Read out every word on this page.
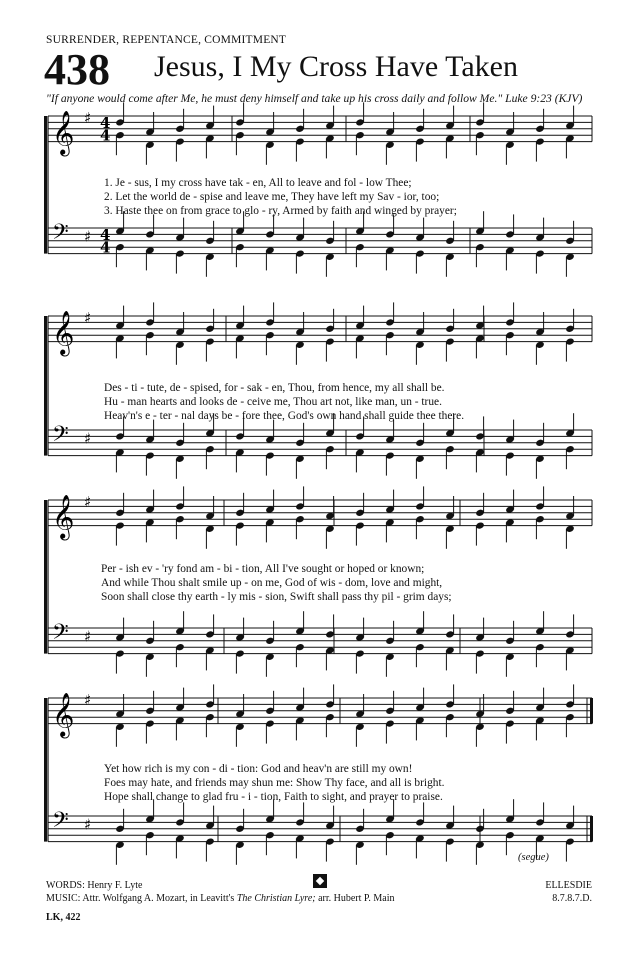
SURRENDER, REPENTANCE, COMMITMENT
438 Jesus, I My Cross Have Taken
"If anyone would come after Me, he must deny himself and take up his cross daily and follow Me." Luke 9:23 (KJV)
𝄞 ♯ 4
4
𝄢 ♯ 4
4
𝄞 ♯
𝄢 ♯
𝄞 ♯
𝄢 ♯
𝄞 ♯
𝄢 ♯
1. Je - sus, I my cross have tak - en, All to leave and fol - low Thee;
2. Let the world de - spise and leave me, They have left my Sav - ior, too;
3. Haste thee on from grace to glo - ry, Armed by faith and winged by prayer;
Des - ti - tute, de - spised, for - sak - en, Thou, from hence, my all shall be.
Hu - man hearts and looks de - ceive me, Thou art not, like man, un - true.
Heav'n's e - ter - nal days be - fore thee, God's own hand shall guide thee there.
Per - ish ev - 'ry fond am - bi - tion, All I've sought or hoped or known;
And while Thou shalt smile up - on me, God of wis - dom, love and might,
Soon shall close thy earth - ly mis - sion, Swift shall pass thy pil - grim days;
Yet how rich is my con - di - tion: God and heav'n are still my own!
Foes may hate, and friends may shun me: Show Thy face, and all is bright.
Hope shall change to glad fru - i - tion, Faith to sight, and prayer to praise.
(segue)
WORDS: Henry F. Lyte
MUSIC: Attr. Wolfgang A. Mozart, in Leavitt's The Christian Lyre; arr. Hubert P. Main
LK, 422
ELLESDIE
8.7.8.7.D.
